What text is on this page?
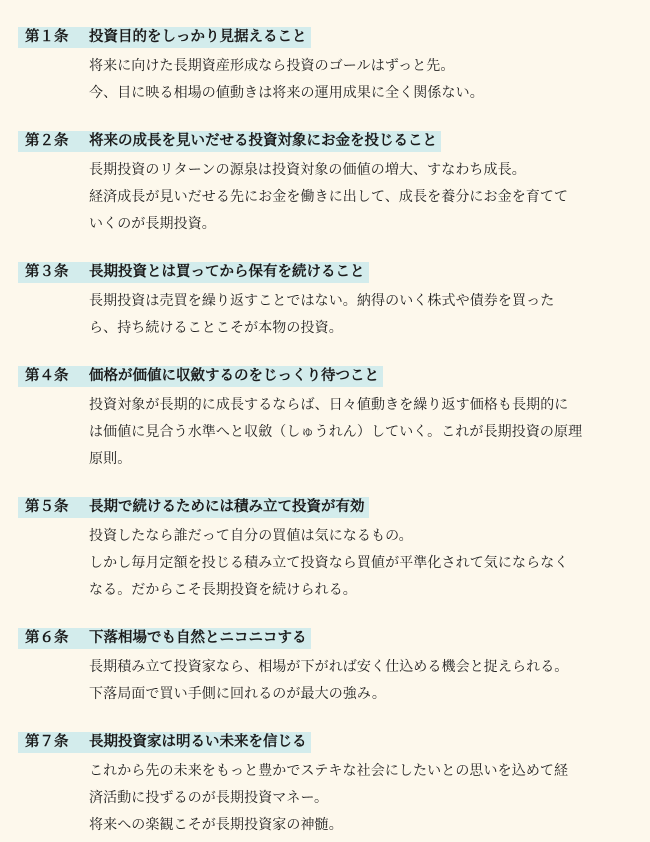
第１条 投資目的をしっかり見据えること
将来に向けた長期資産形成なら投資のゴールはずっと先。
今、目に映る相場の値動きは将来の運用成果に全く関係ない。
第２条 将来の成長を見いだせる投資対象にお金を投じること
長期投資のリターンの源泉は投資対象の価値の増大、すなわち成長。
経済成長が見いだせる先にお金を働きに出して、成長を養分にお金を育てて
いくのが長期投資。
第３条 長期投資とは買ってから保有を続けること
長期投資は売買を繰り返すことではない。納得のいく株式や債券を買った
ら、持ち続けることこそが本物の投資。
第４条 価格が価値に収斂するのをじっくり待つこと
投資対象が長期的に成長するならば、日々値動きを繰り返す価格も長期的に
は価値に見合う水準へと収斂（しゅうれん）していく。これが長期投資の原理
原則。
第５条 長期で続けるためには積み立て投資が有効
投資したなら誰だって自分の買値は気になるもの。
しかし毎月定額を投じる積み立て投資なら買値が平準化されて気にならなく
なる。だからこそ長期投資を続けられる。
第６条 下落相場でも自然とニコニコする
長期積み立て投資家なら、相場が下がれば安く仕込める機会と捉えられる。
下落局面で買い手側に回れるのが最大の強み。
第７条 長期投資家は明るい未来を信じる
これから先の未来をもっと豊かでステキな社会にしたいとの思いを込めて経
済活動に投ずるのが長期投資マネー。
将来への楽観こそが長期投資家の神髄。
